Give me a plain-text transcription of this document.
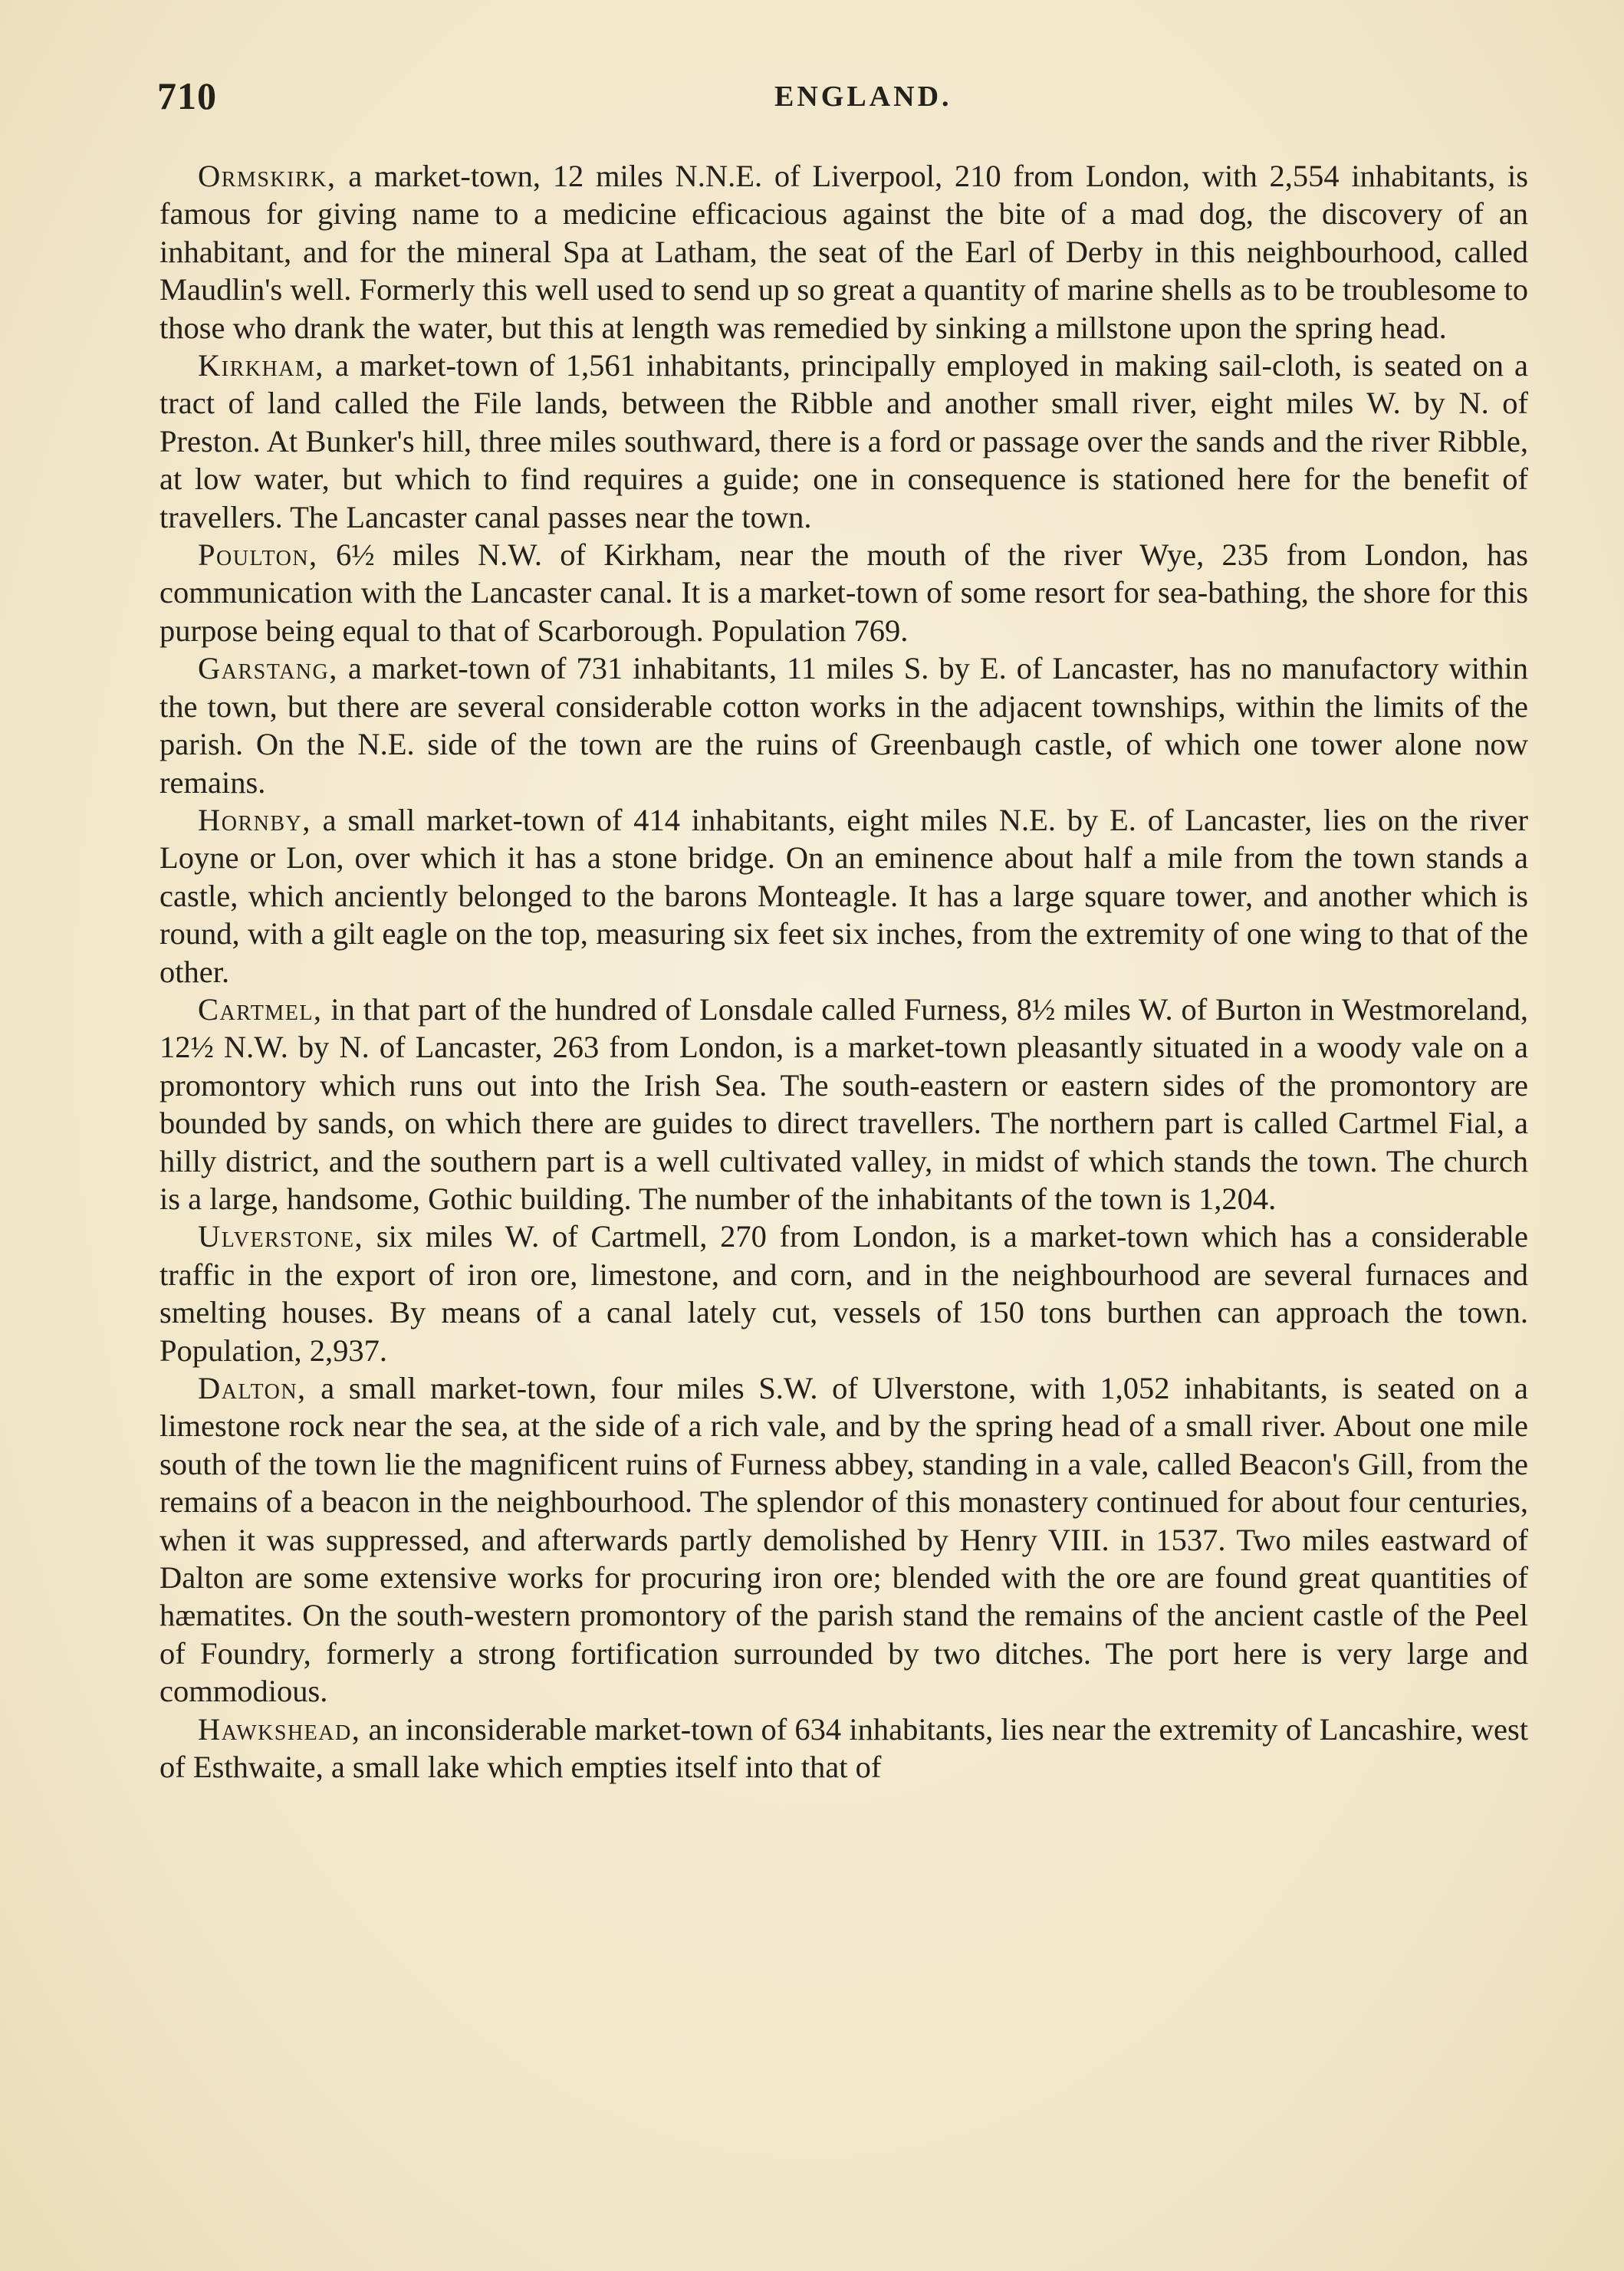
710	ENGLAND.

Ormskirk, a market-town, 12 miles N.N.E. of Liverpool, 210 from London, with 2,554 inhabitants, is famous for giving name to a medicine efficacious against the bite of a mad dog, the discovery of an inhabitant, and for the mineral Spa at Latham, the seat of the Earl of Derby in this neighbourhood, called Maudlin's well. Formerly this well used to send up so great a quantity of marine shells as to be troublesome to those who drank the water, but this at length was remedied by sinking a millstone upon the spring head.

Kirkham, a market-town of 1,561 inhabitants, principally employed in making sail-cloth, is seated on a tract of land called the File lands, between the Ribble and another small river, eight miles W. by N. of Preston. At Bunker's hill, three miles southward, there is a ford or passage over the sands and the river Ribble, at low water, but which to find requires a guide; one in consequence is stationed here for the benefit of travellers. The Lancaster canal passes near the town.

Poulton, 6½ miles N.W. of Kirkham, near the mouth of the river Wye, 235 from London, has communication with the Lancaster canal. It is a market-town of some resort for sea-bathing, the shore for this purpose being equal to that of Scarborough. Population 769.

Garstang, a market-town of 731 inhabitants, 11 miles S. by E. of Lancaster, has no manufactory within the town, but there are several considerable cotton works in the adjacent townships, within the limits of the parish. On the N.E. side of the town are the ruins of Greenbaugh castle, of which one tower alone now remains.

Hornby, a small market-town of 414 inhabitants, eight miles N.E. by E. of Lancaster, lies on the river Loyne or Lon, over which it has a stone bridge. On an eminence about half a mile from the town stands a castle, which anciently belonged to the barons Monteagle. It has a large square tower, and another which is round, with a gilt eagle on the top, measuring six feet six inches, from the extremity of one wing to that of the other.

Cartmel, in that part of the hundred of Lonsdale called Furness, 8½ miles W. of Burton in Westmoreland, 12½ N.W. by N. of Lancaster, 263 from London, is a market-town pleasantly situated in a woody vale on a promontory which runs out into the Irish Sea. The south-eastern or eastern sides of the promontory are bounded by sands, on which there are guides to direct travellers. The northern part is called Cartmel Fial, a hilly district, and the southern part is a well cultivated valley, in midst of which stands the town. The church is a large, handsome, Gothic building. The number of the inhabitants of the town is 1,204.

Ulverstone, six miles W. of Cartmell, 270 from London, is a market-town which has a considerable traffic in the export of iron ore, limestone, and corn, and in the neighbourhood are several furnaces and smelting houses. By means of a canal lately cut, vessels of 150 tons burthen can approach the town. Population, 2,937.

Dalton, a small market-town, four miles S.W. of Ulverstone, with 1,052 inhabitants, is seated on a limestone rock near the sea, at the side of a rich vale, and by the spring head of a small river. About one mile south of the town lie the magnificent ruins of Furness abbey, standing in a vale, called Beacon's Gill, from the remains of a beacon in the neighbourhood. The splendor of this monastery continued for about four centuries, when it was suppressed, and afterwards partly demolished by Henry VIII. in 1537. Two miles eastward of Dalton are some extensive works for procuring iron ore; blended with the ore are found great quantities of hæmatites. On the south-western promontory of the parish stand the remains of the ancient castle of the Peel of Foundry, formerly a strong fortification surrounded by two ditches. The port here is very large and commodious.

Hawkshead, an inconsiderable market-town of 634 inhabitants, lies near the extremity of Lancashire, west of Esthwaite, a small lake which empties itself into that of
